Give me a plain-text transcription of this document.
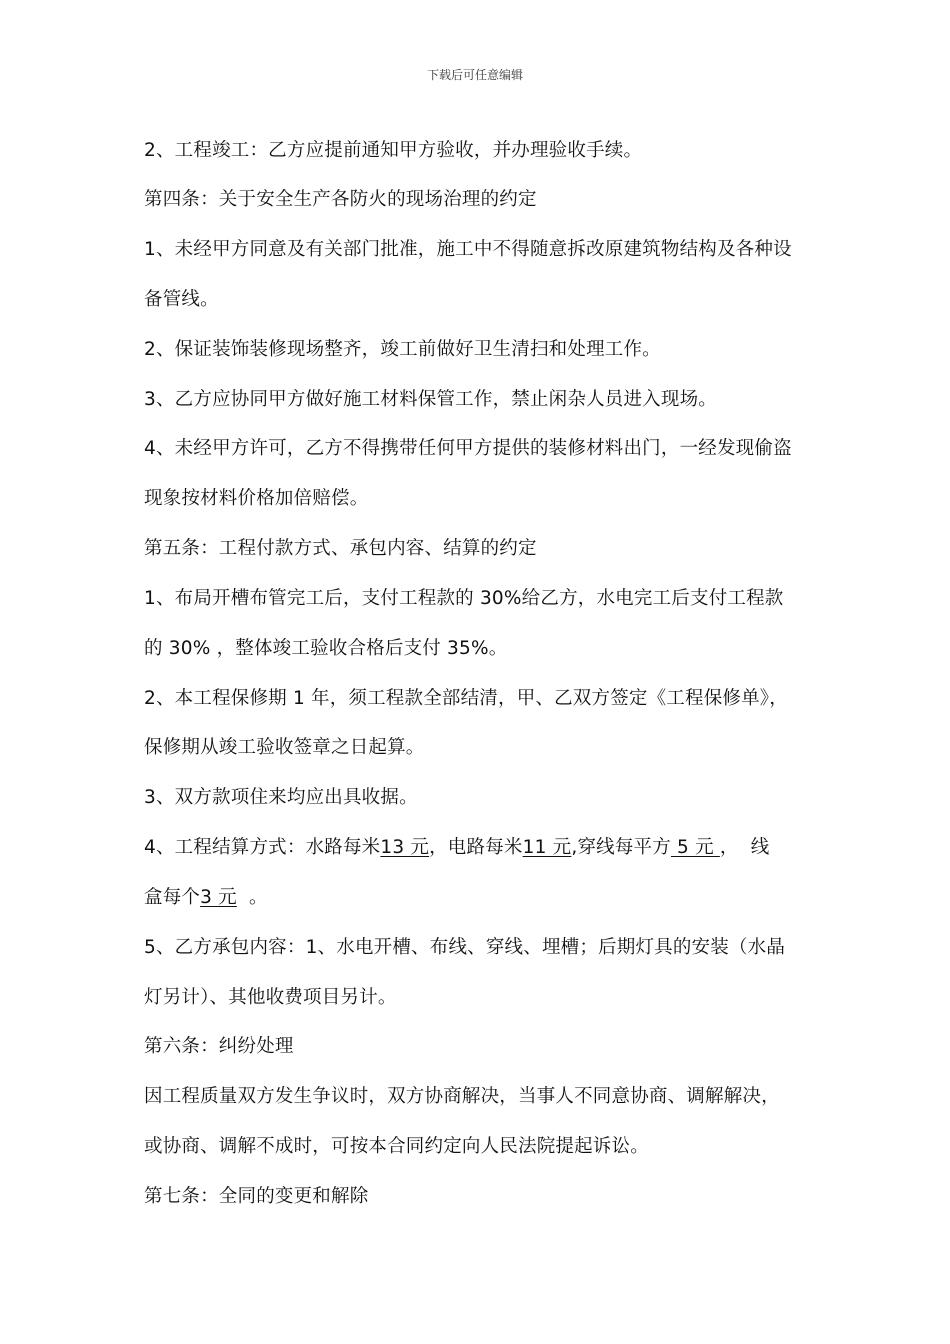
下载后可任意编辑
2、工程竣工：乙方应提前通知甲方验收，并办理验收手续。
第四条：关于安全生产各防火的现场治理的约定
1、未经甲方同意及有关部门批准，施工中不得随意拆改原建筑物结构及各种设
备管线。
2、保证装饰装修现场整齐，竣工前做好卫生清扫和处理工作。
3、乙方应协同甲方做好施工材料保管工作，禁止闲杂人员进入现场。
4、未经甲方许可，乙方不得携带任何甲方提供的装修材料出门，一经发现偷盗
现象按材料价格加倍赔偿。
第五条：工程付款方式、承包内容、结算的约定
1、布局开槽布管完工后，支付工程款的 30%给乙方，水电完工后支付工程款
的 30% ，整体竣工验收合格后支付 35%。
2、本工程保修期 1 年，须工程款全部结清，甲、乙双方签定《工程保修单》，
保修期从竣工验收签章之日起算。
3、双方款项住来均应出具收据。
4、工程结算方式：水路每米13 元，电路每米11 元,穿线每平方 5 元 ，  线
盒每个3 元  。
5、乙方承包内容：1、水电开槽、布线、穿线、埋槽；后期灯具的安装（水晶
灯另计）、其他收费项目另计。
第六条：纠纷处理
因工程质量双方发生争议时，双方协商解决，当事人不同意协商、调解解决，
或协商、调解不成时，可按本合同约定向人民法院提起诉讼。
第七条：全同的变更和解除
